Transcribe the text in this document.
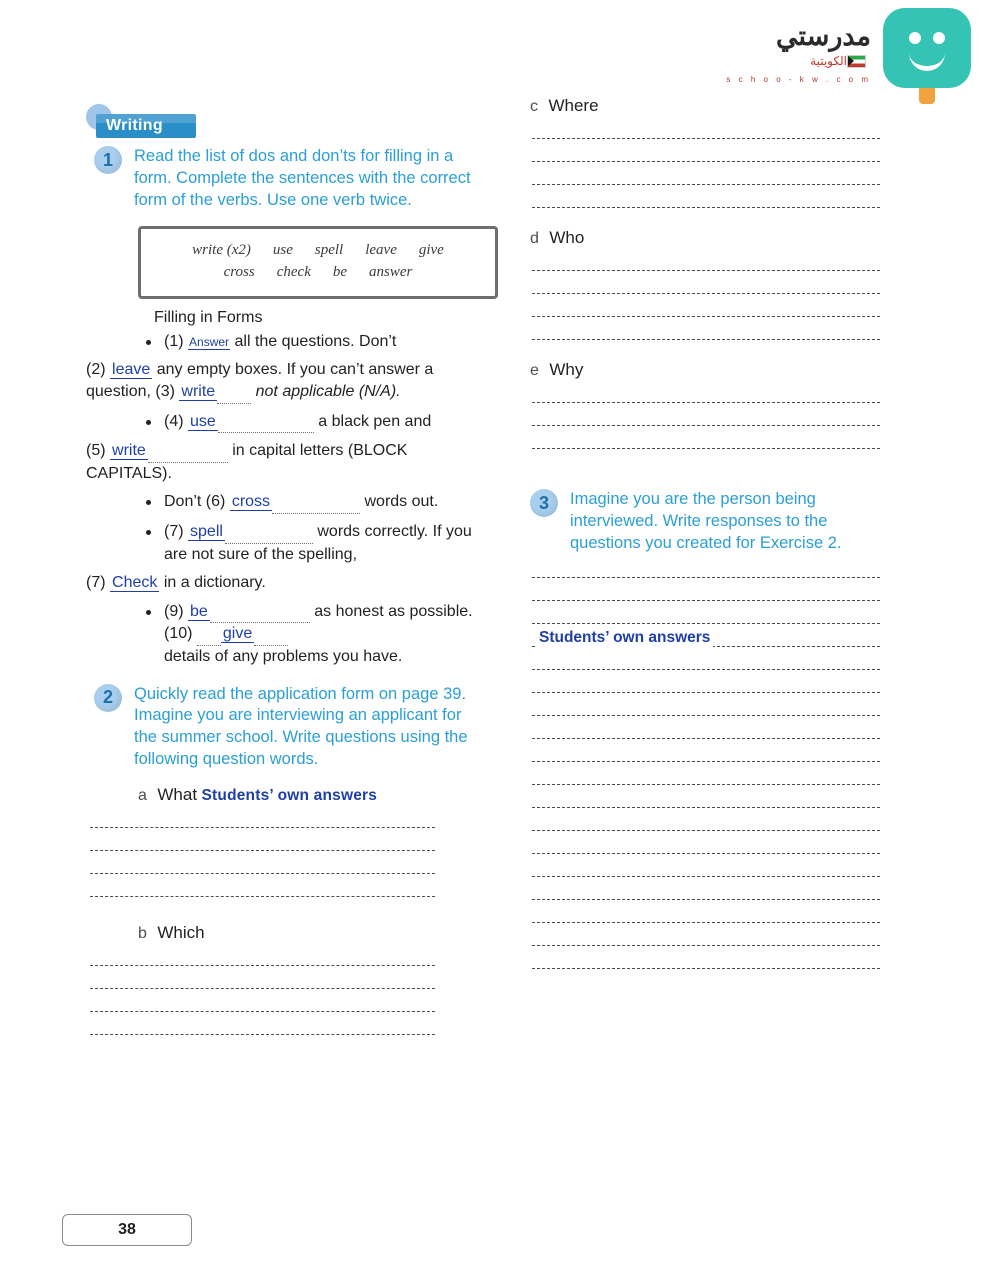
مدرستي
الكويتية
s c h o o - k w . c o m
Writing
1	Read the list of dos and don’ts for filling in a form. Complete the sentences with the correct form of the verbs. Use one verb twice.
write (x2) use spell leave give
cross check be answer
Filling in Forms
(1) Answer all the questions. Don’t
(2) leave any empty boxes. If you can’t answer a question, (3) write	not applicable (N/A).
(4) use	a black pen and
(5) write	in capital letters (BLOCK CAPITALS).
Don’t (6) cross	words out.
(7) spell	words correctly. If you are not sure of the spelling,
(7) Check in a dictionary.
(9) be	as honest as possible. (10) give
details of any problems you have.
2	Quickly read the application form on page 39. Imagine you are interviewing an applicant for the summer school. Write questions using the following question words.
a What Students’ own answers
b Which
c Where
d Who
e Why
3	Imagine you are the person being interviewed. Write responses to the questions you created for Exercise 2.
Students’ own answers
38
